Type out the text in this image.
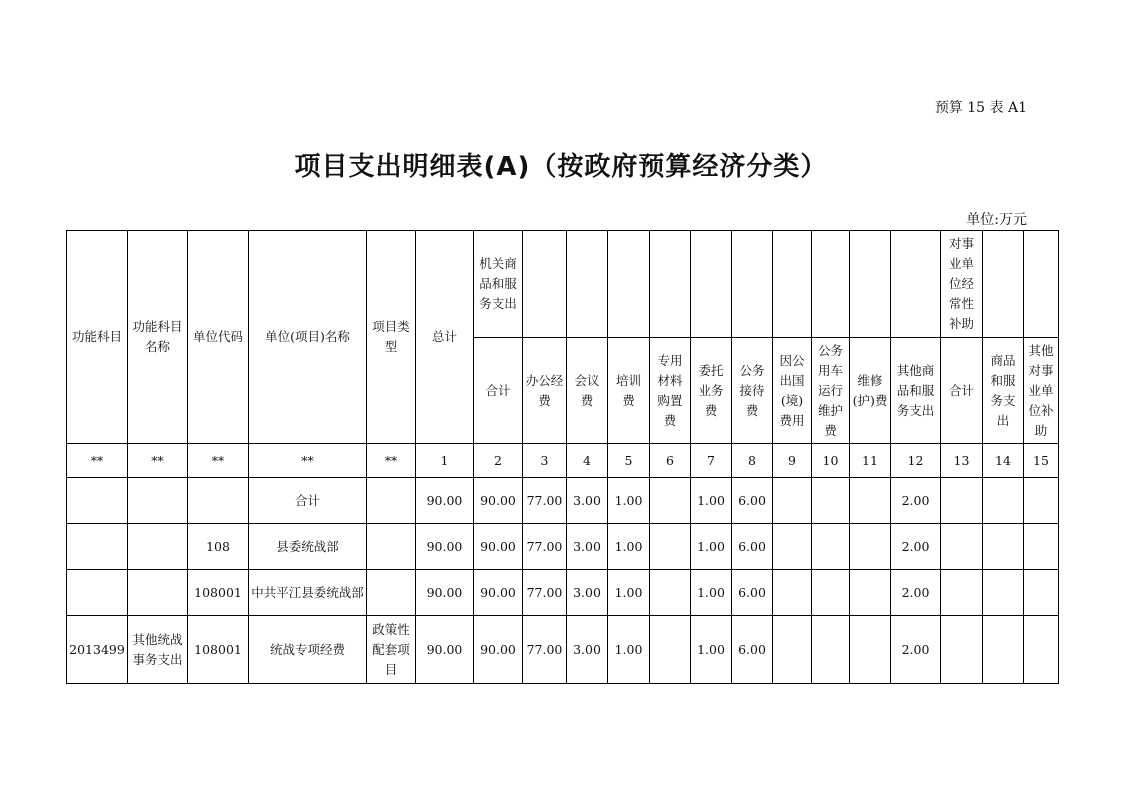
预算 15 表 A1
项目支出明细表(A)（按政府预算经济分类）
单位:万元
功能科目	功能科目名称	单位代码	单位(项目)名称	项目类型	总计	机关商品和服务支出											对事业单位经常性补助		
						合计	办公经费	会议费	培训费	专用材料购置费	委托业务费	公务接待费	因公出国(境)费用	公务用车运行维护费	维修(护)费	其他商品和服务支出	合计	商品和服务支出	其他对事业单位补助
**	**	**	**	**	1	2	3	4	5	6	7	8	9	10	11	12	13	14	15
			合计		90.00	90.00	77.00	3.00	1.00		1.00	6.00				2.00			
		108	县委统战部		90.00	90.00	77.00	3.00	1.00		1.00	6.00				2.00			
		108001	中共平江县委统战部		90.00	90.00	77.00	3.00	1.00		1.00	6.00				2.00			
2013499	其他统战事务支出	108001	统战专项经费	政策性配套项目	90.00	90.00	77.00	3.00	1.00		1.00	6.00				2.00			
